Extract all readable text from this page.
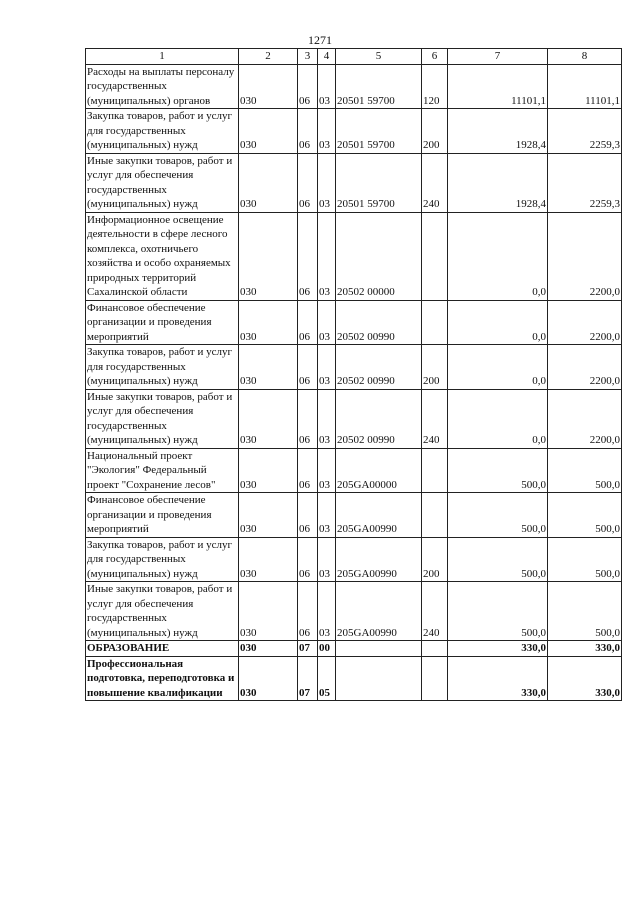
1271
1	2	3	4	5	6	7	8
Расходы на выплаты персоналу государственных (муниципальных) органов	030	06	03	20501 59700	120	11101,1	11101,1
Закупка товаров, работ и услуг для государственных (муниципальных) нужд	030	06	03	20501 59700	200	1928,4	2259,3
Иные закупки товаров, работ и услуг для обеспечения государственных (муниципальных) нужд	030	06	03	20501 59700	240	1928,4	2259,3
Информационное освещение деятельности в сфере лесного комплекса, охотничьего хозяйства и особо охраняемых природных территорий Сахалинской области	030	06	03	20502 00000		0,0	2200,0
Финансовое обеспечение организации и проведения мероприятий	030	06	03	20502 00990		0,0	2200,0
Закупка товаров, работ и услуг для государственных (муниципальных) нужд	030	06	03	20502 00990	200	0,0	2200,0
Иные закупки товаров, работ и услуг для обеспечения государственных (муниципальных) нужд	030	06	03	20502 00990	240	0,0	2200,0
Национальный проект "Экология" Федеральный проект "Сохранение лесов"	030	06	03	205GA00000		500,0	500,0
Финансовое обеспечение организации и проведения мероприятий	030	06	03	205GA00990		500,0	500,0
Закупка товаров, работ и услуг для государственных (муниципальных) нужд	030	06	03	205GA00990	200	500,0	500,0
Иные закупки товаров, работ и услуг для обеспечения государственных (муниципальных) нужд	030	06	03	205GA00990	240	500,0	500,0
ОБРАЗОВАНИЕ	030	07	00			330,0	330,0
Профессиональная подготовка, переподготовка и повышение квалификации	030	07	05			330,0	330,0
